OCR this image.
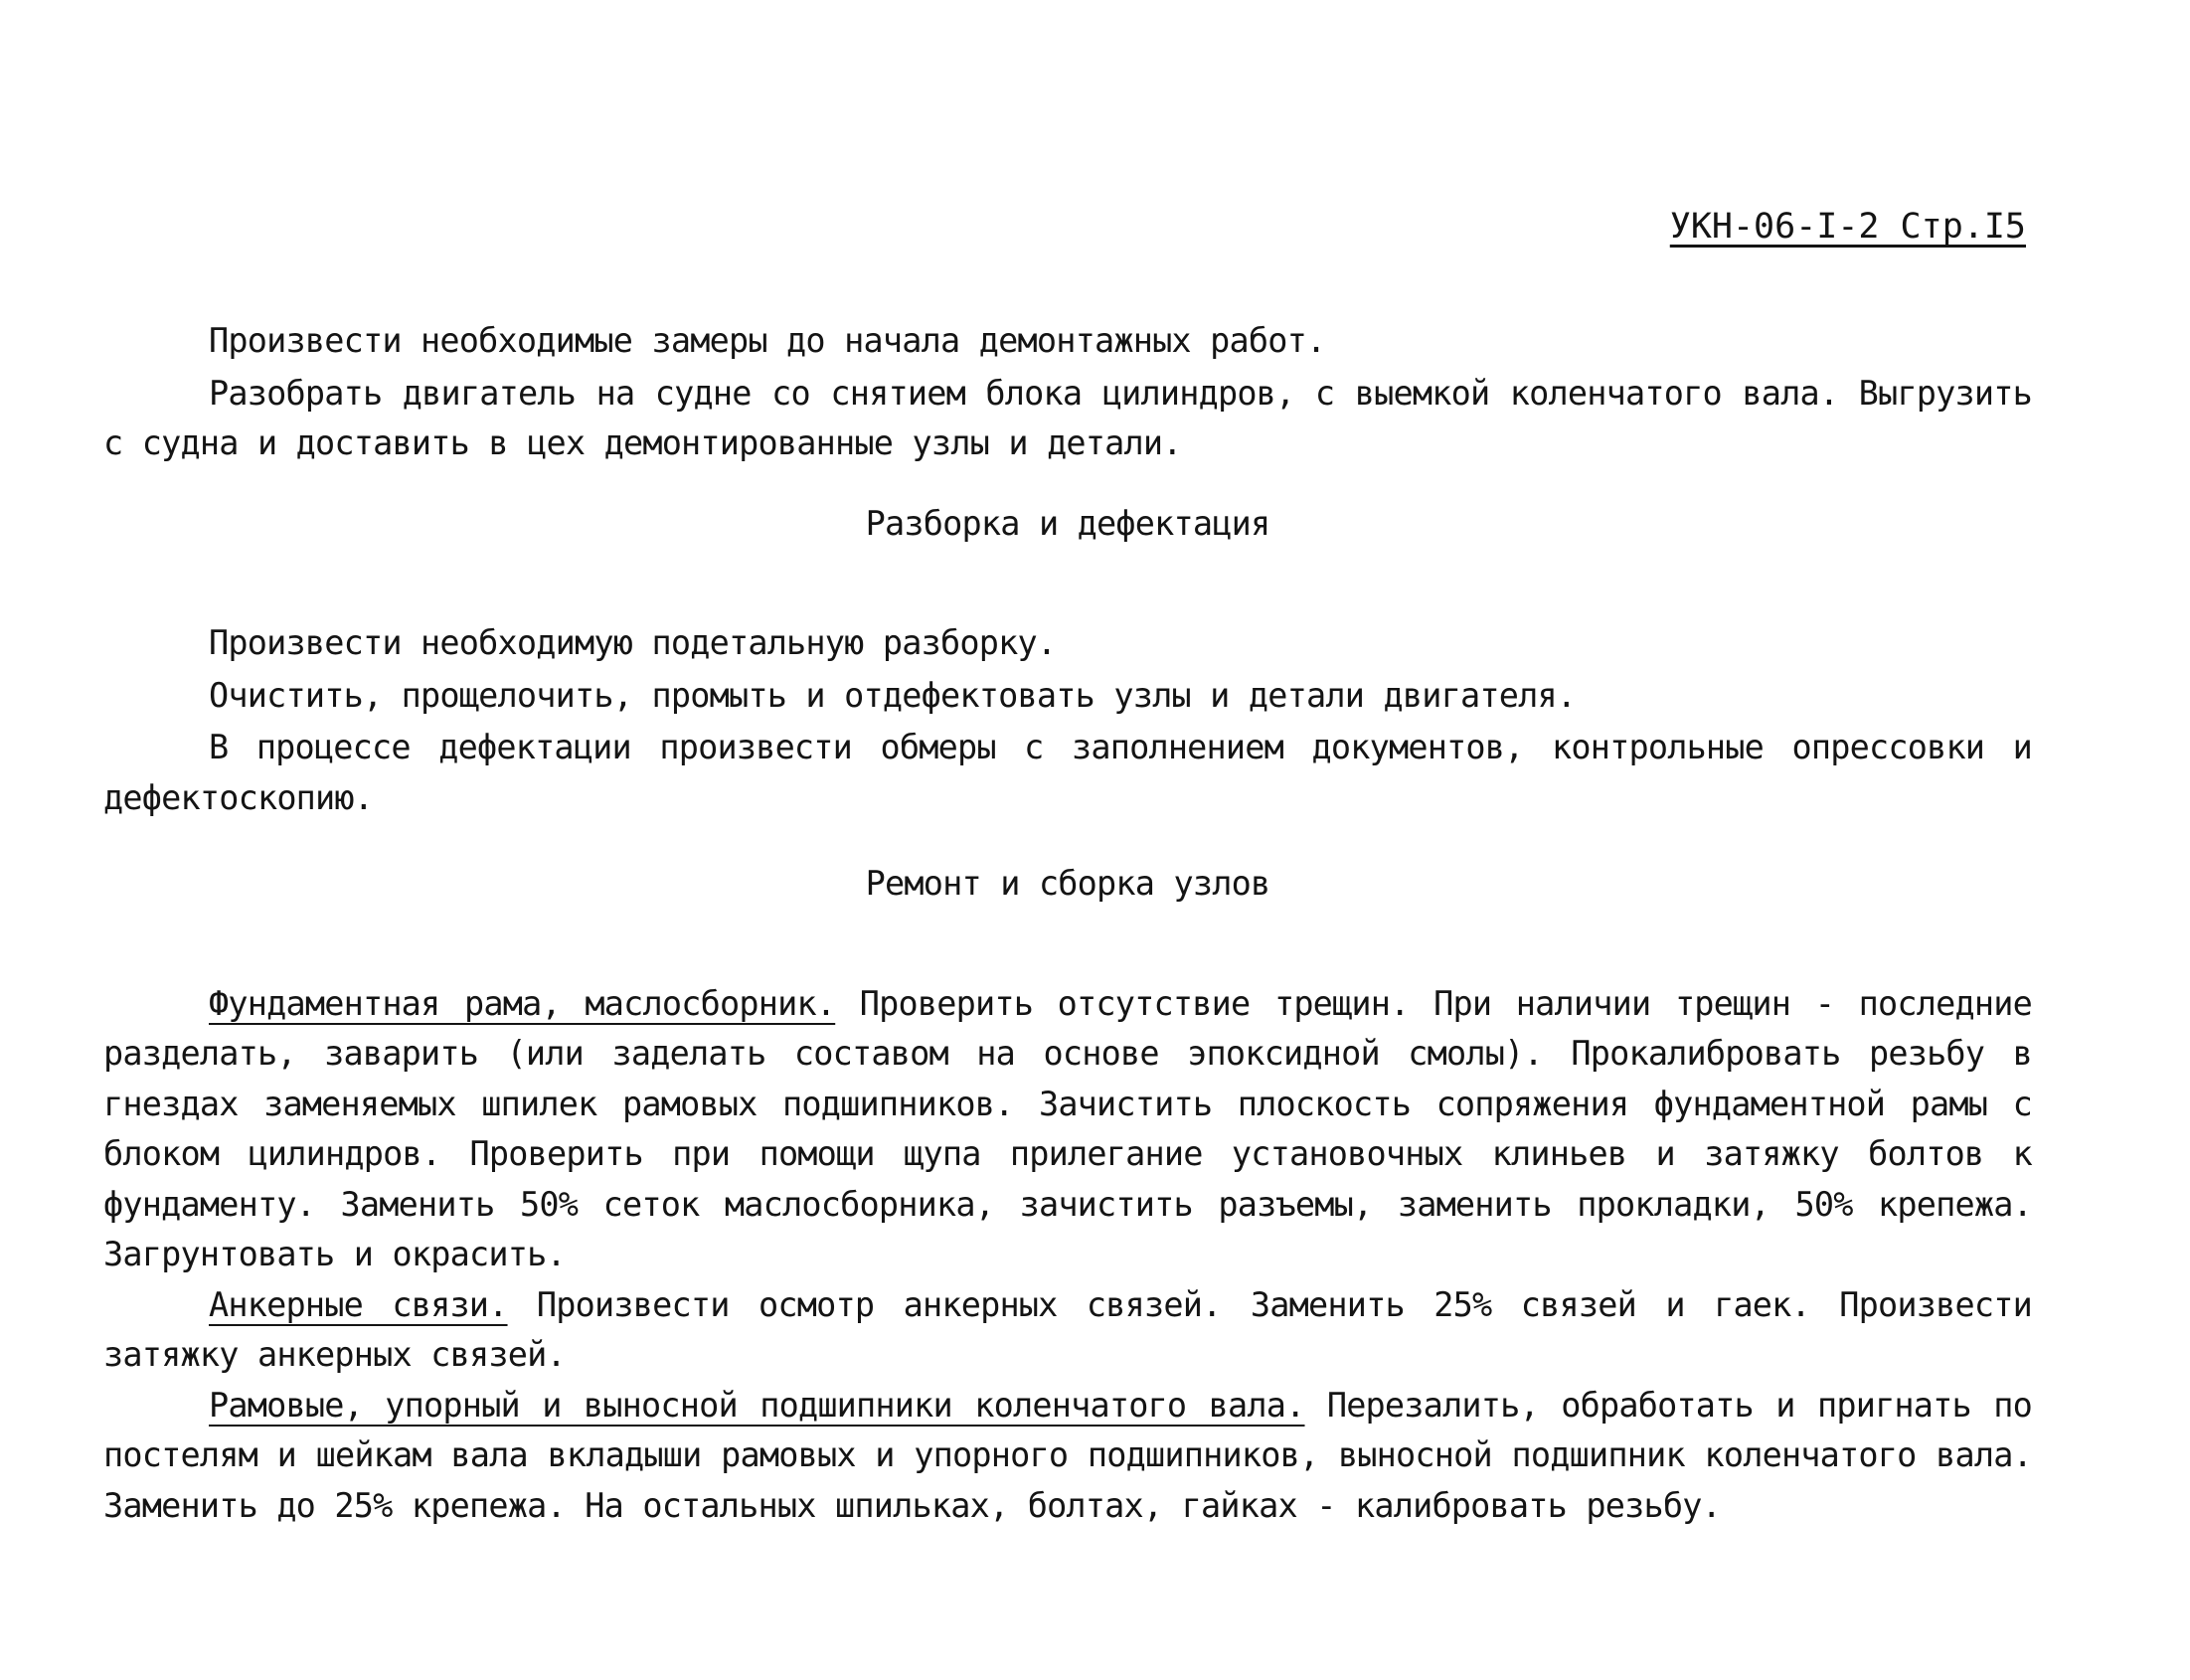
УКН-06-I-2 Стр.I5

Произвести необходимые замеры до начала демонтажных работ.

Разобрать двигатель на судне со снятием блока цилиндров, с выемкой коленчатого вала. Выгрузить с судна и доставить в цех демонтированные узлы и детали.

Разборка и дефектация

Произвести необходимую подетальную разборку.

Очистить, прощелочить, промыть и отдефектовать узлы и детали двигателя.

В процессе дефектации произвести обмеры с заполнением документов, контрольные опрессовки и дефектоскопию.

Ремонт и сборка узлов

Фундаментная рама, маслосборник. Проверить отсутствие трещин. При наличии трещин - последние разделать, заварить (или заделать составом на основе эпоксидной смолы). Прокалибровать резьбу в гнездах заменяемых шпилек рамовых подшипников. Зачистить плоскость сопряжения фундаментной рамы с блоком цилиндров. Проверить при помощи щупа прилегание установочных клиньев и затяжку болтов к фундаменту. Заменить 50% сеток маслосборника, зачистить разъемы, заменить прокладки, 50% крепежа. Загрунтовать и окрасить.

Анкерные связи. Произвести осмотр анкерных связей. Заменить 25% связей и гаек. Произвести затяжку анкерных связей.

Рамовые, упорный и выносной подшипники коленчатого вала. Перезалить, обработать и пригнать по постелям и шейкам вала вкладыши рамовых и упорного подшипников, выносной подшипник коленчатого вала. Заменить до 25% крепежа. На остальных шпильках, болтах, гайках - калибровать резьбу.
